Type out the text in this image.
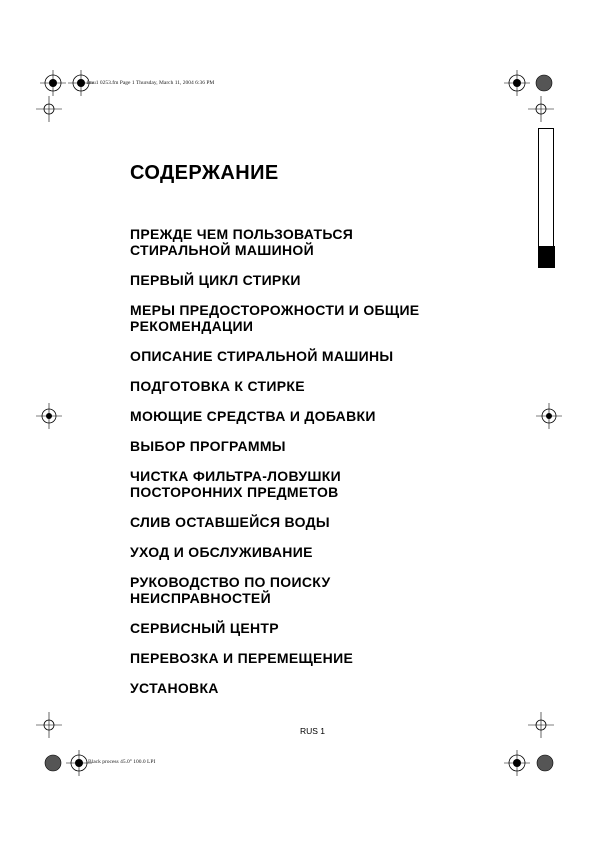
1mu1 0253.fm Page 1 Thursday, March 11, 2004 6:36 PM
СОДЕРЖАНИЕ
ПРЕЖДЕ ЧЕМ ПОЛЬЗОВАТЬСЯ
СТИРАЛЬНОЙ МАШИНОЙ
ПЕРВЫЙ ЦИКЛ СТИРКИ
МЕРЫ ПРЕДОСТОРОЖНОСТИ И ОБЩИЕ
РЕКОМЕНДАЦИИ
ОПИСАНИЕ СТИРАЛЬНОЙ МАШИНЫ
ПОДГОТОВКА К СТИРКЕ
МОЮЩИЕ СРЕДСТВА И ДОБАВКИ
ВЫБОР ПРОГРАММЫ
ЧИСТКА ФИЛЬТРА-ЛОВУШКИ
ПОСТОРОННИХ ПРЕДМЕТОВ
СЛИВ ОСТАВШЕЙСЯ ВОДЫ
УХОД И ОБСЛУЖИВАНИЕ
РУКОВОДСТВО ПО ПОИСКУ
НЕИСПРАВНОСТЕЙ
СЕРВИСНЫЙ ЦЕНТР
ПЕРЕВОЗКА И ПЕРЕМЕЩЕНИЕ
УСТАНОВКА
RUS 1
Black process 45.0° 100.0 LPI
